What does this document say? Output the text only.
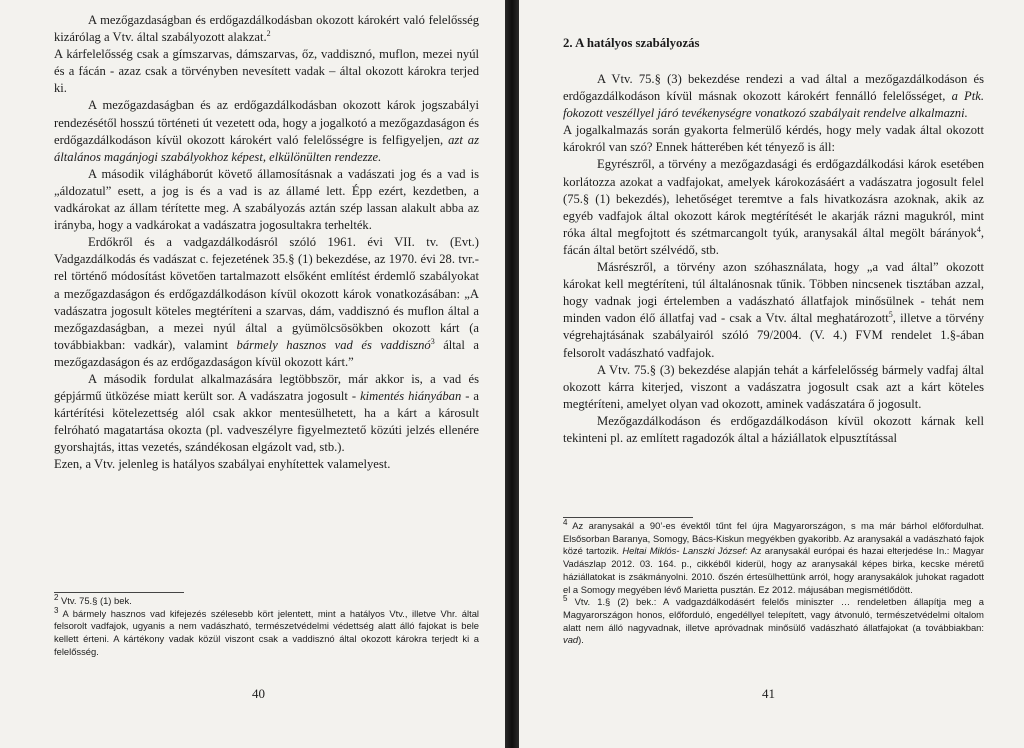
A mezőgazdaságban és erdőgazdálkodásban okozott károkért való felelősség kizárólag a Vtv. által szabályozott alakzat.$^2$

A kárfelelősség csak a gímszarvas, dámszarvas, őz, vaddisznó, muflon, mezei nyúl és a fácán - azaz csak a törvényben nevesített vadak – által okozott károkra terjed ki.

A mezőgazdaságban és az erdőgazdálkodásban okozott károk jogszabályi rendezésétől hosszú történeti út vezetett oda, hogy a jogalkotó a mezőgazdaságon és erdőgazdálkodáson kívül okozott károkért való felelősségre is felfigyeljen, azt az általános magánjogi szabályokhoz képest, elkülönülten rendezze.

A második világháborút követő államosításnak a vadászati jog és a vad is „áldozatul” esett, a jog is és a vad is az államé lett. Épp ezért, kezdetben, a vadkárokat az állam térítette meg. A szabályozás aztán szép lassan alakult abba az irányba, hogy a vadkárokat a vadászatra jogosultakra terhelték.

Erdőkről és a vadgazdálkodásról szóló 1961. évi VII. tv. (Evt.) Vadgazdálkodás és vadászat c. fejezetének 35.§ (1) bekezdése, az 1970. évi 28. tvr.-rel történő módosítást követően tartalmazott elsőként említést érdemlő szabályokat a mezőgazdaságon és erdőgazdálkodáson kívül okozott károk vonatkozásában: „A vadászatra jogosult köteles megtéríteni a szarvas, dám, vaddisznó és muflon által a mezőgazdaságban, a mezei nyúl által a gyümölcsösökben okozott kárt (a továbbiakban: vadkár), valamint bármely hasznos vad és vaddisznó$^3$ által a mezőgazdaságon és az erdőgazdaságon kívül okozott kárt.”

A második fordulat alkalmazására legtöbbször, már akkor is, a vad és gépjármű ütközése miatt került sor. A vadászatra jogosult - kimentés hiányában - a kártérítési kötelezettség alól csak akkor mentesülhetett, ha a kárt a károsult felróható magatartása okozta (pl. vadveszélyre figyelmeztető közúti jelzés ellenére gyorshajtás, ittas vezetés, szándékosan elgázolt vad, stb.).

Ezen, a Vtv. jelenleg is hatályos szabályai enyhítettek valamelyest.

$^2$ Vtv. 75.§ (1) bek.

$^3$ A bármely hasznos vad kifejezés szélesebb kört jelentett, mint a hatályos Vtv., illetve Vhr. által felsorolt vadfajok, ugyanis a nem vadászható, természetvédelmi védettség alatt álló fajokat is bele kellett érteni. A kártékony vadak közül viszont csak a vaddisznó által okozott károkra terjedt ki a felelősség.

40
2. A hatályos szabályozás

A Vtv. 75.§ (3) bekezdése rendezi a vad által a mezőgazdálkodáson és erdőgazdálkodáson kívül másnak okozott károkért fennálló felelősséget, a Ptk. fokozott veszéllyel járó tevékenységre vonatkozó szabályait rendelve alkalmazni.

A jogalkalmazás során gyakorta felmerülő kérdés, hogy mely vadak által okozott károkról van szó? Ennek hátterében két tényező is áll:

Egyrészről, a törvény a mezőgazdasági és erdőgazdálkodási károk esetében korlátozza azokat a vadfajokat, amelyek károkozásáért a vadászatra jogosult felel (75.§ (1) bekezdés), lehetőséget teremtve a fals hivatkozásra azoknak, akik az egyéb vadfajok által okozott károk megtérítését le akarják rázni magukról, mint róka által megfojtott és szétmarcangolt tyúk, aranysakál által megölt bárányok$^4$, fácán által betört szélvédő, stb.

Másrészről, a törvény azon szóhasználata, hogy „a vad által” okozott károkat kell megtéríteni, túl általánosnak tűnik. Többen nincsenek tisztában azzal, hogy vadnak jogi értelemben a vadászható állatfajok minősülnek - tehát nem minden vadon élő állatfaj vad - csak a Vtv. által meghatározott$^5$, illetve a törvény végrehajtásának szabályairól szóló 79/2004. (V. 4.) FVM rendelet 1.§-ában felsorolt vadászható vadfajok.

A Vtv. 75.§ (3) bekezdése alapján tehát a kárfelelősség bármely vadfaj által okozott kárra kiterjed, viszont a vadászatra jogosult csak azt a kárt köteles megtéríteni, amelyet olyan vad okozott, aminek vadászatára ő jogosult.

Mezőgazdálkodáson és erdőgazdálkodáson kívül okozott kárnak kell tekinteni pl. az említett ragadozók által a háziállatok elpusztítással

$^4$ Az aranysakál a 90’-es évektől tűnt fel újra Magyarországon, s ma már bárhol előfordulhat. Elsősorban Baranya, Somogy, Bács-Kiskun megyékben gyakoribb. Az aranysakál a vadászható fajok közé tartozik. Heltai Miklós- Lanszki József: Az aranysakál európai és hazai elterjedése In.: Magyar Vadászlap 2012. 03. 164. p., cikkéből kiderül, hogy az aranysakál képes birka, kecske méretű háziállatokat is zsákmányolni. 2010. őszén értesülhettünk arról, hogy aranysakálok juhokat ragadott el a Somogy megyében lévő Marietta pusztán. Ez 2012. májusában megismétlődött.

$^5$ Vtv. 1.§ (2) bek.: A vadgazdálkodásért felelős miniszter … rendeletben állapítja meg a Magyarországon honos, előforduló, engedéllyel telepített, vagy átvonuló, természetvédelmi oltalom alatt nem álló nagyvadnak, illetve apróvadnak minősülő vadászható állatfajokat (a továbbiakban: vad).

41
